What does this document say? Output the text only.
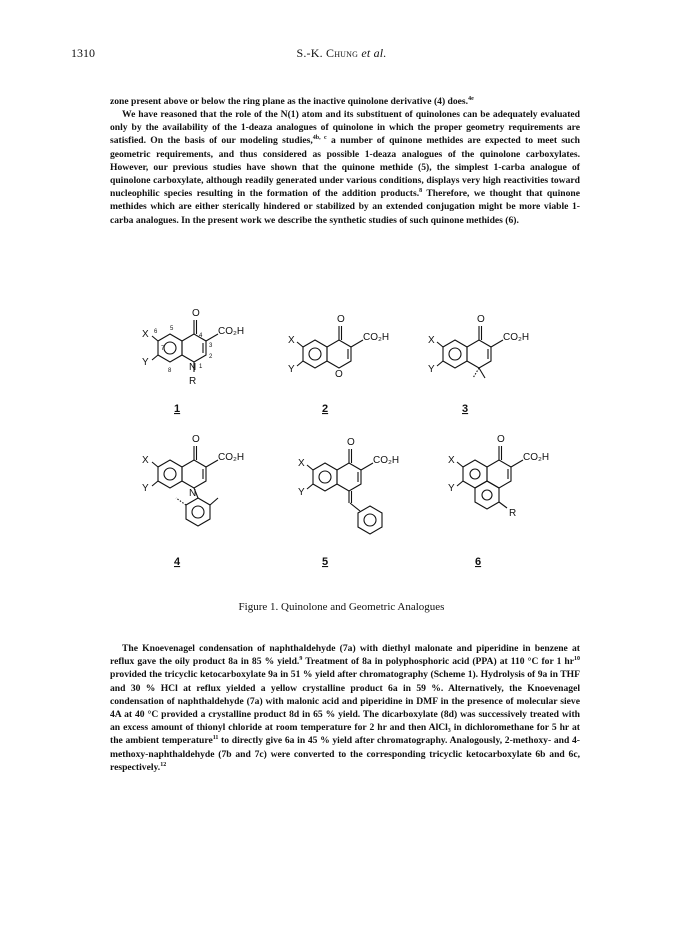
1310	S.-K. Chung et al.

zone present above or below the ring plane as the inactive quinolone derivative (4) does.$^{4e}$

We have reasoned that the role of the N(1) atom and its substituent of quinolones can be adequately evaluated only by the availability of the 1-deaza analogues of quinolone in which the proper geometry requirements are satisfied. On the basis of our modeling studies,$^{4b, c}$ a number of quinone methides are expected to meet such geometric requirements, and thus considered as possible 1-deaza analogues of the quinolone carboxylates. However, our previous studies have shown that the quinone methide (5), the simplest 1-carba analogue of quinolone carboxylate, although readily generated under various conditions, displays very high reactivities toward nucleophilic species resulting in the formation of the addition products.$^8$ Therefore, we thought that quinone methides which are either sterically hindered or stabilized by an extended conjugation might be more viable 1-carba analogues. In the present work we describe the synthetic studies of such quinone methides (6).

O
CO₂H
X
Y	N
R
5
4
3
2
1
8
7
6
O
CO₂H
X
Y	O
O
CO₂H
X
Y
O
CO₂H
X
Y	N
O
CO₂H
X
Y
O
CO₂H
X
Y
R
1	2	3
4	5	6
Figure 1. Quinolone and Geometric Analogues

The Knoevenagel condensation of naphthaldehyde (7a) with diethyl malonate and piperidine in benzene at reflux gave the oily product 8a in 85 % yield.$^9$ Treatment of 8a in polyphosphoric acid (PPA) at 110 °C for 1 $hr^{10}$ provided the tricyclic ketocarboxylate 9a in 51 % yield after chromatography (Scheme 1). Hydrolysis of 9a in THF and 30 % HCl at reflux yielded a yellow crystalline product 6a in 59 %. Alternatively, the Knoevenagel condensation of naphthaldehyde (7a) with malonic acid and piperidine in DMF in the presence of molecular sieve 4A at 40 °C provided a crystalline product 8d in 65 % yield. The dicarboxylate (8d) was successively treated with an excess amount of thionyl chloride at room temperature for 2 hr and then AlCl₃ in dichloromethane for 5 hr at the ambient temperature$^{11}$ to directly give 6a in 45 % yield after chromatography. Analogously, 2-methoxy- and 4-methoxy-naphthaldehyde (7b and 7c) were converted to the corresponding tricyclic ketocarboxylate 6b and 6c, respectively.$^{12}$
